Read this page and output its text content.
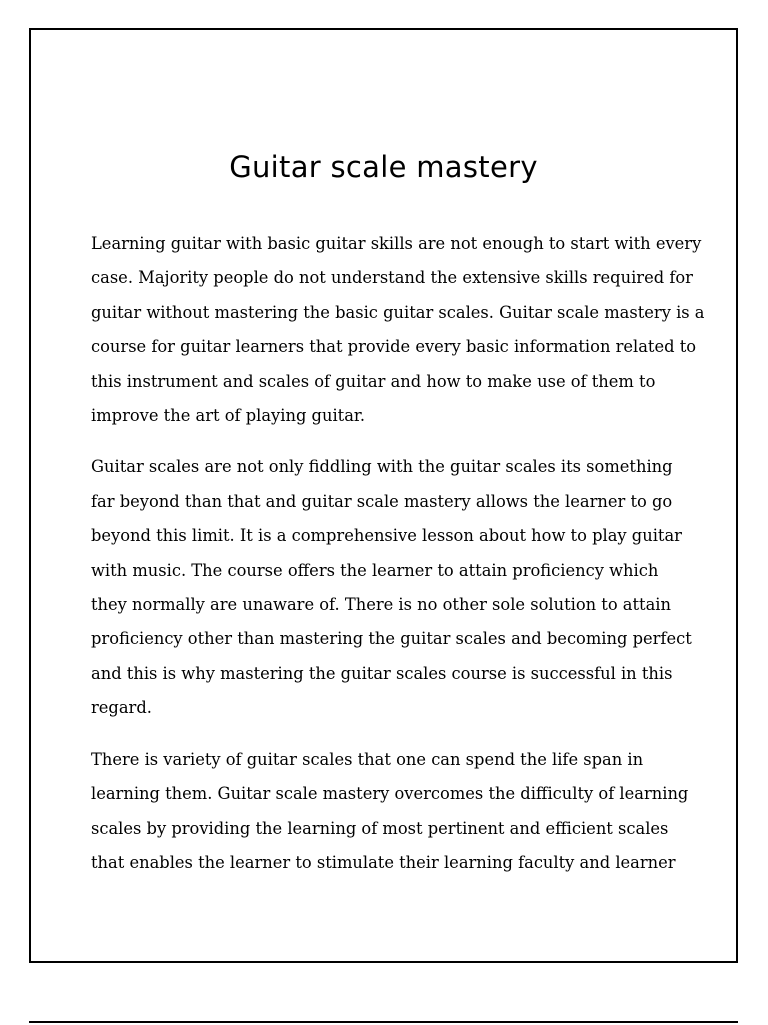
Guitar scale mastery

Learning guitar with basic guitar skills are not enough to start with every
case. Majority people do not understand the extensive skills required for
guitar without mastering the basic guitar scales. Guitar scale mastery is a
course for guitar learners that provide every basic information related to
this instrument and scales of guitar and how to make use of them to
improve the art of playing guitar.

Guitar scales are not only fiddling with the guitar scales its something
far beyond than that and guitar scale mastery allows the learner to go
beyond this limit. It is a comprehensive lesson about how to play guitar
with music. The course offers the learner to attain proficiency which
they normally are unaware of. There is no other sole solution to attain
proficiency other than mastering the guitar scales and becoming perfect
and this is why mastering the guitar scales course is successful in this
regard.

There is variety of guitar scales that one can spend the life span in
learning them. Guitar scale mastery overcomes the difficulty of learning
scales by providing the learning of most pertinent and efficient scales
that enables the learner to stimulate their learning faculty and learner
